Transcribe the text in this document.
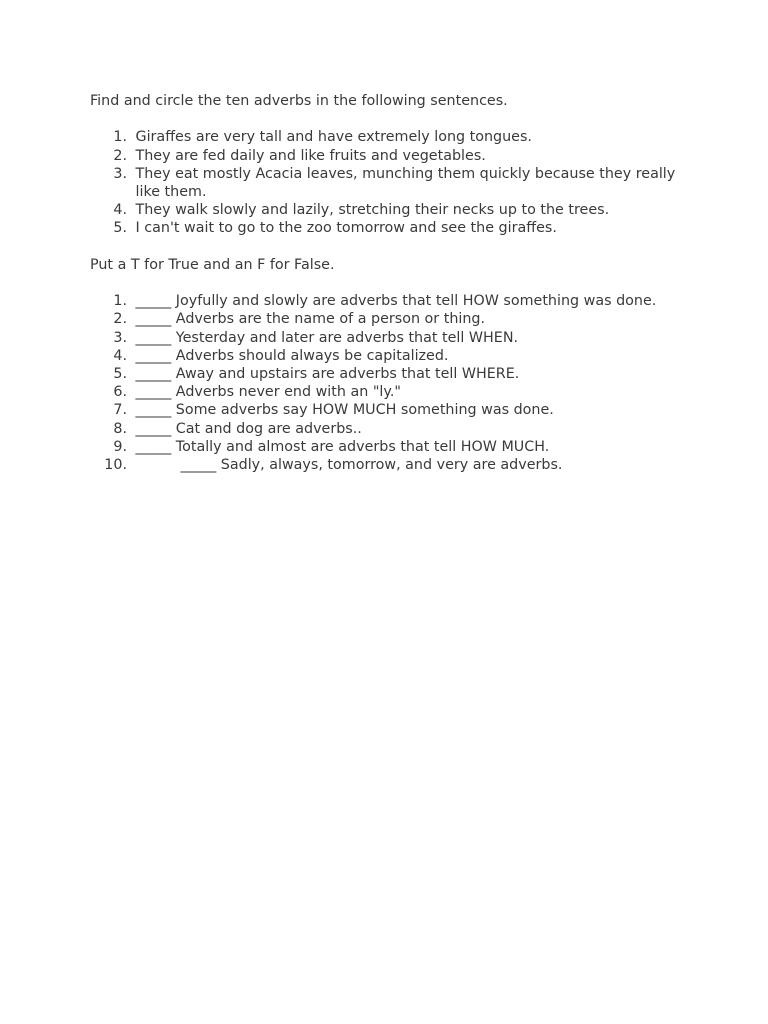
Find and circle the ten adverbs in the following sentences.

1. Giraffes are very tall and have extremely long tongues.
2. They are fed daily and like fruits and vegetables.
3. They eat mostly Acacia leaves, munching them quickly because they really like them.
4. They walk slowly and lazily, stretching their necks up to the trees.
5. I can't wait to go to the zoo tomorrow and see the giraffes.

Put a T for True and an F for False.

1. _____ Joyfully and slowly are adverbs that tell HOW something was done.
2. _____ Adverbs are the name of a person or thing.
3. _____ Yesterday and later are adverbs that tell WHEN.
4. _____ Adverbs should always be capitalized.
5. _____ Away and upstairs are adverbs that tell WHERE.
6. _____ Adverbs never end with an "ly."
7. _____ Some adverbs say HOW MUCH something was done.
8. _____ Cat and dog are adverbs..
9. _____ Totally and almost are adverbs that tell HOW MUCH.
10.	_____ Sadly, always, tomorrow, and very are adverbs.
